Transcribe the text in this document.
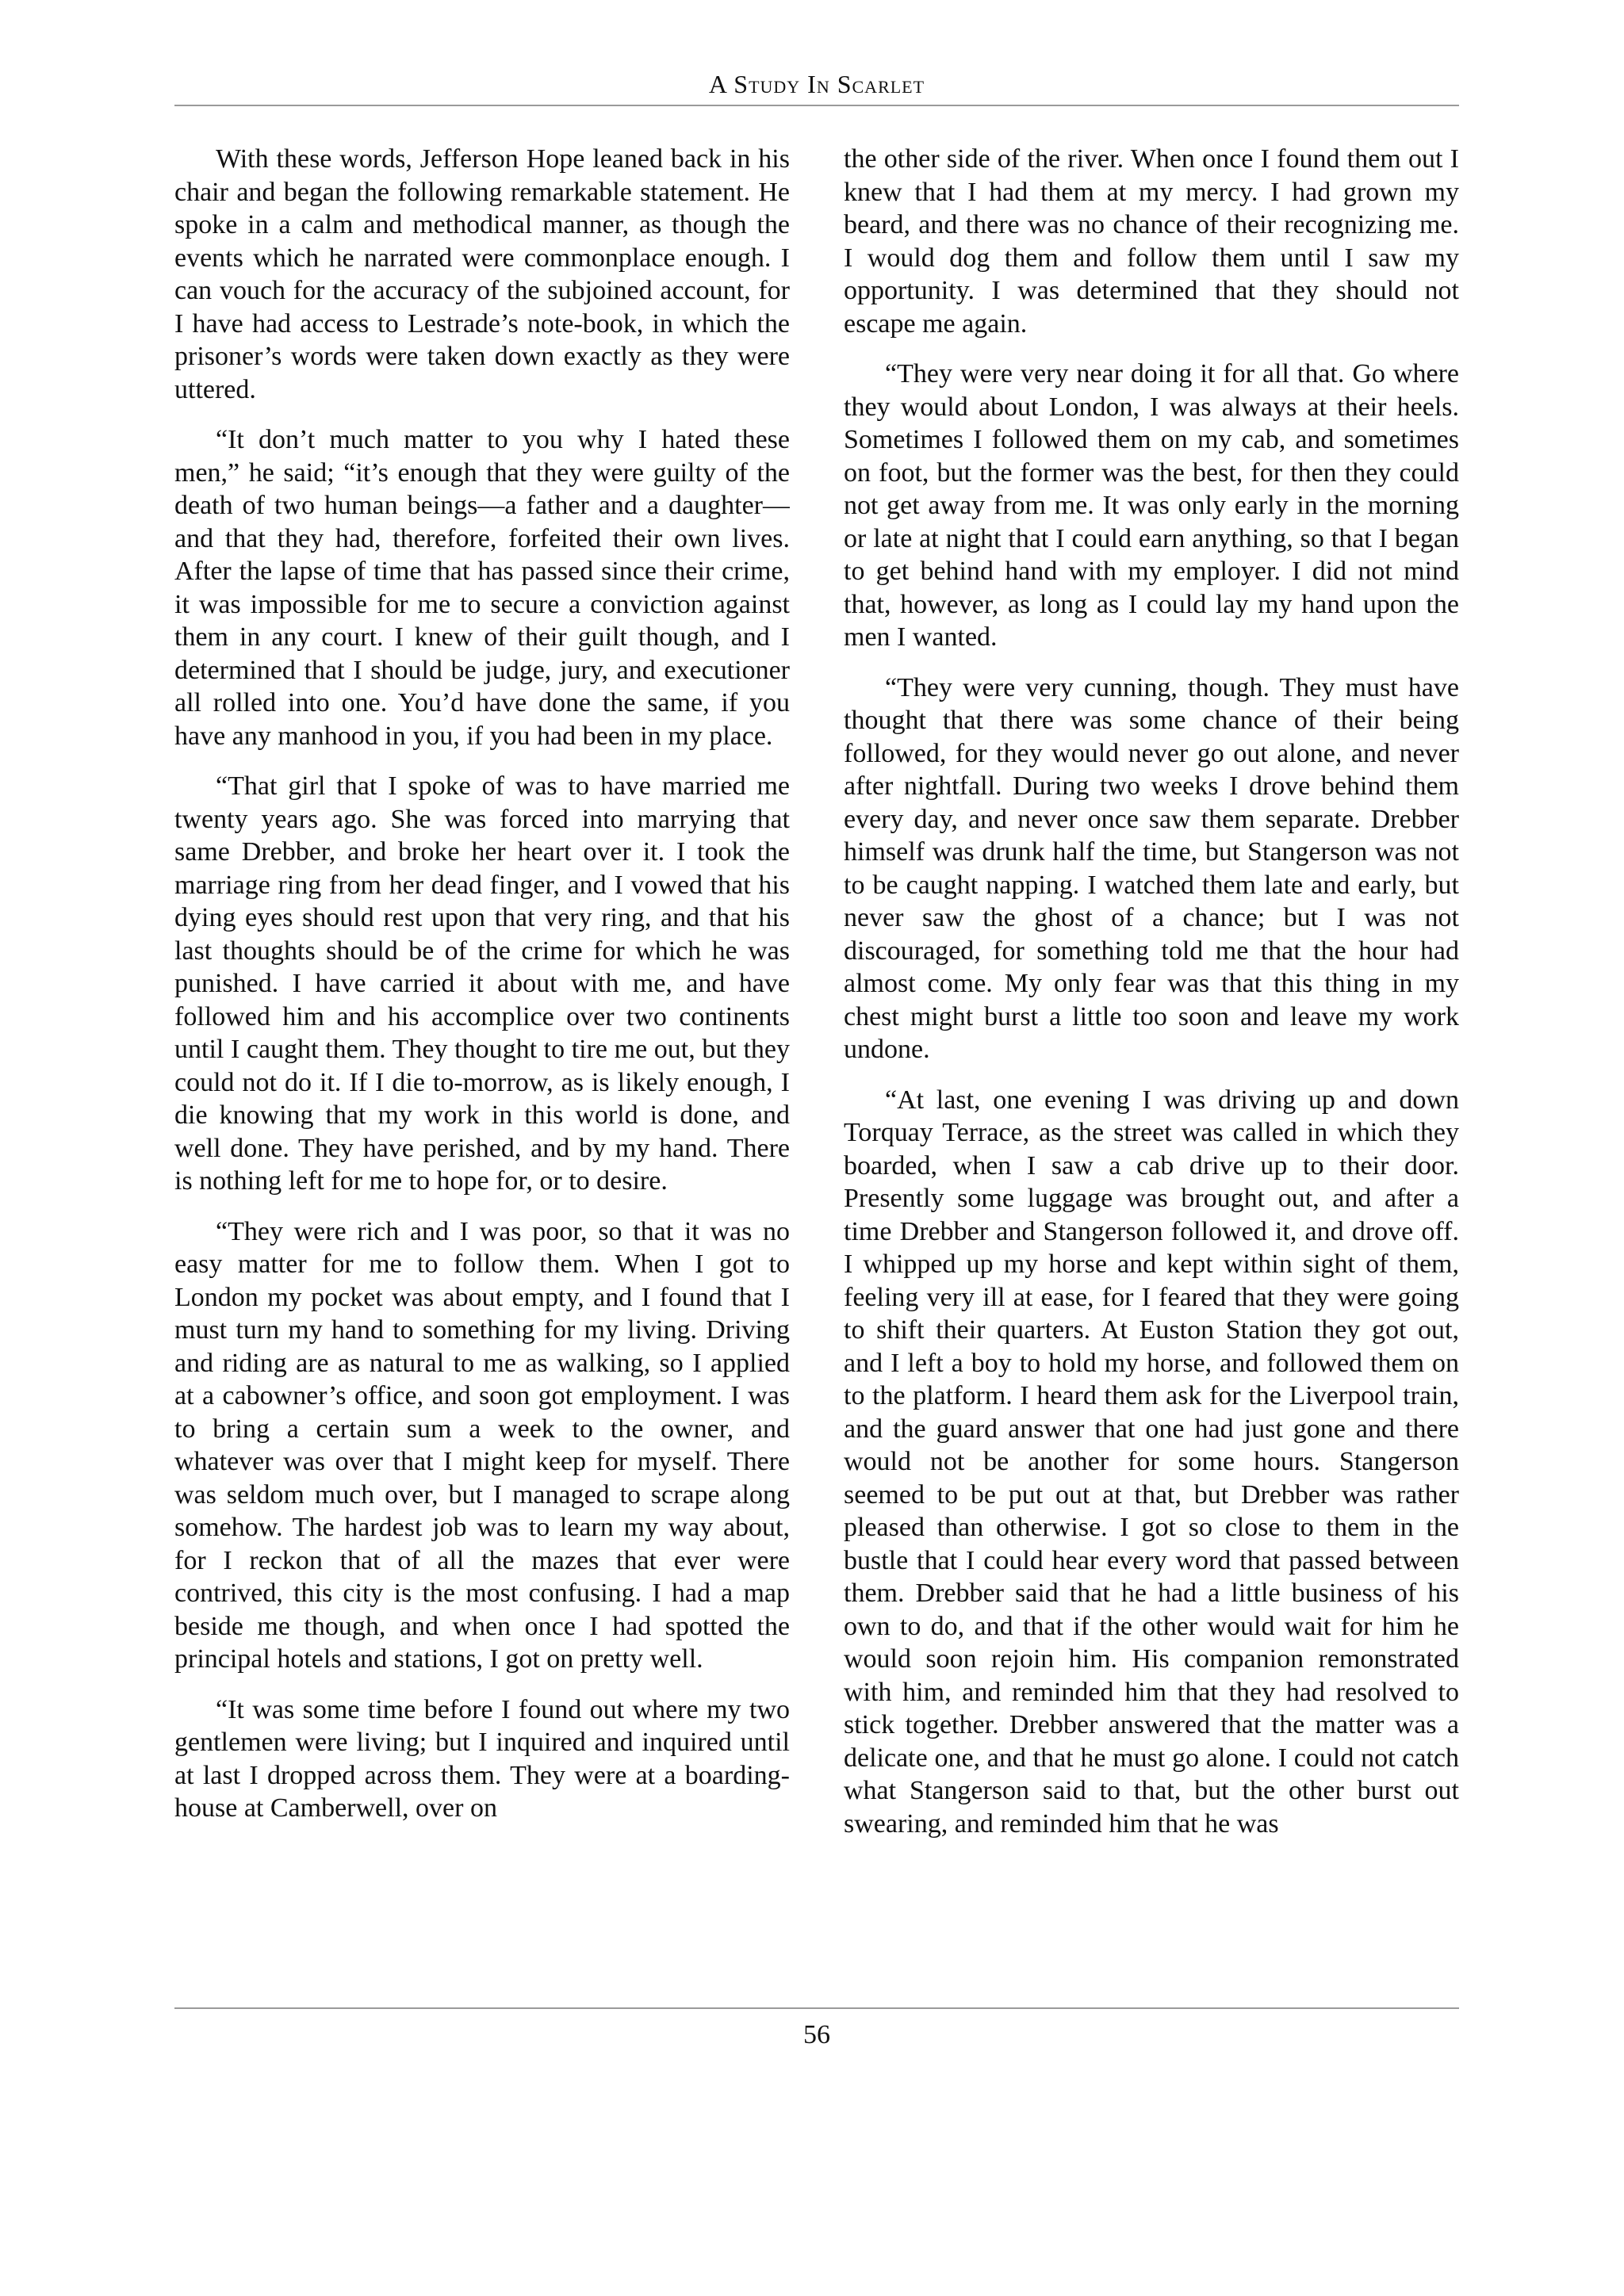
A Study In Scarlet

With these words, Jefferson Hope leaned back in his chair and began the following remarkable statement. He spoke in a calm and methodical manner, as though the events which he narrated were commonplace enough. I can vouch for the accuracy of the subjoined account, for I have had access to Lestrade’s note-book, in which the prisoner’s words were taken down exactly as they were uttered.

“It don’t much matter to you why I hated these men,” he said; “it’s enough that they were guilty of the death of two human beings—a father and a daughter—and that they had, therefore, forfeited their own lives. After the lapse of time that has passed since their crime, it was impossible for me to secure a conviction against them in any court. I knew of their guilt though, and I determined that I should be judge, jury, and executioner all rolled into one. You’d have done the same, if you have any manhood in you, if you had been in my place.

“That girl that I spoke of was to have married me twenty years ago. She was forced into marrying that same Drebber, and broke her heart over it. I took the marriage ring from her dead finger, and I vowed that his dying eyes should rest upon that very ring, and that his last thoughts should be of the crime for which he was punished. I have carried it about with me, and have followed him and his accomplice over two continents until I caught them. They thought to tire me out, but they could not do it. If I die to-morrow, as is likely enough, I die knowing that my work in this world is done, and well done. They have perished, and by my hand. There is nothing left for me to hope for, or to desire.

“They were rich and I was poor, so that it was no easy matter for me to follow them. When I got to London my pocket was about empty, and I found that I must turn my hand to something for my living. Driving and riding are as natural to me as walking, so I applied at a cabowner’s office, and soon got employment. I was to bring a certain sum a week to the owner, and whatever was over that I might keep for myself. There was seldom much over, but I managed to scrape along somehow. The hardest job was to learn my way about, for I reckon that of all the mazes that ever were contrived, this city is the most confusing. I had a map beside me though, and when once I had spotted the principal hotels and stations, I got on pretty well.

“It was some time before I found out where my two gentlemen were living; but I inquired and inquired until at last I dropped across them. They were at a boarding-house at Camberwell, over on

the other side of the river. When once I found them out I knew that I had them at my mercy. I had grown my beard, and there was no chance of their recognizing me. I would dog them and follow them until I saw my opportunity. I was determined that they should not escape me again.

“They were very near doing it for all that. Go where they would about London, I was always at their heels. Sometimes I followed them on my cab, and sometimes on foot, but the former was the best, for then they could not get away from me. It was only early in the morning or late at night that I could earn anything, so that I began to get behind hand with my employer. I did not mind that, however, as long as I could lay my hand upon the men I wanted.

“They were very cunning, though. They must have thought that there was some chance of their being followed, for they would never go out alone, and never after nightfall. During two weeks I drove behind them every day, and never once saw them separate. Drebber himself was drunk half the time, but Stangerson was not to be caught napping. I watched them late and early, but never saw the ghost of a chance; but I was not discouraged, for something told me that the hour had almost come. My only fear was that this thing in my chest might burst a little too soon and leave my work undone.

“At last, one evening I was driving up and down Torquay Terrace, as the street was called in which they boarded, when I saw a cab drive up to their door. Presently some luggage was brought out, and after a time Drebber and Stangerson followed it, and drove off. I whipped up my horse and kept within sight of them, feeling very ill at ease, for I feared that they were going to shift their quarters. At Euston Station they got out, and I left a boy to hold my horse, and followed them on to the platform. I heard them ask for the Liverpool train, and the guard answer that one had just gone and there would not be another for some hours. Stangerson seemed to be put out at that, but Drebber was rather pleased than otherwise. I got so close to them in the bustle that I could hear every word that passed between them. Drebber said that he had a little business of his own to do, and that if the other would wait for him he would soon rejoin him. His companion remonstrated with him, and reminded him that they had resolved to stick together. Drebber answered that the matter was a delicate one, and that he must go alone. I could not catch what Stangerson said to that, but the other burst out swearing, and reminded him that he was

56
